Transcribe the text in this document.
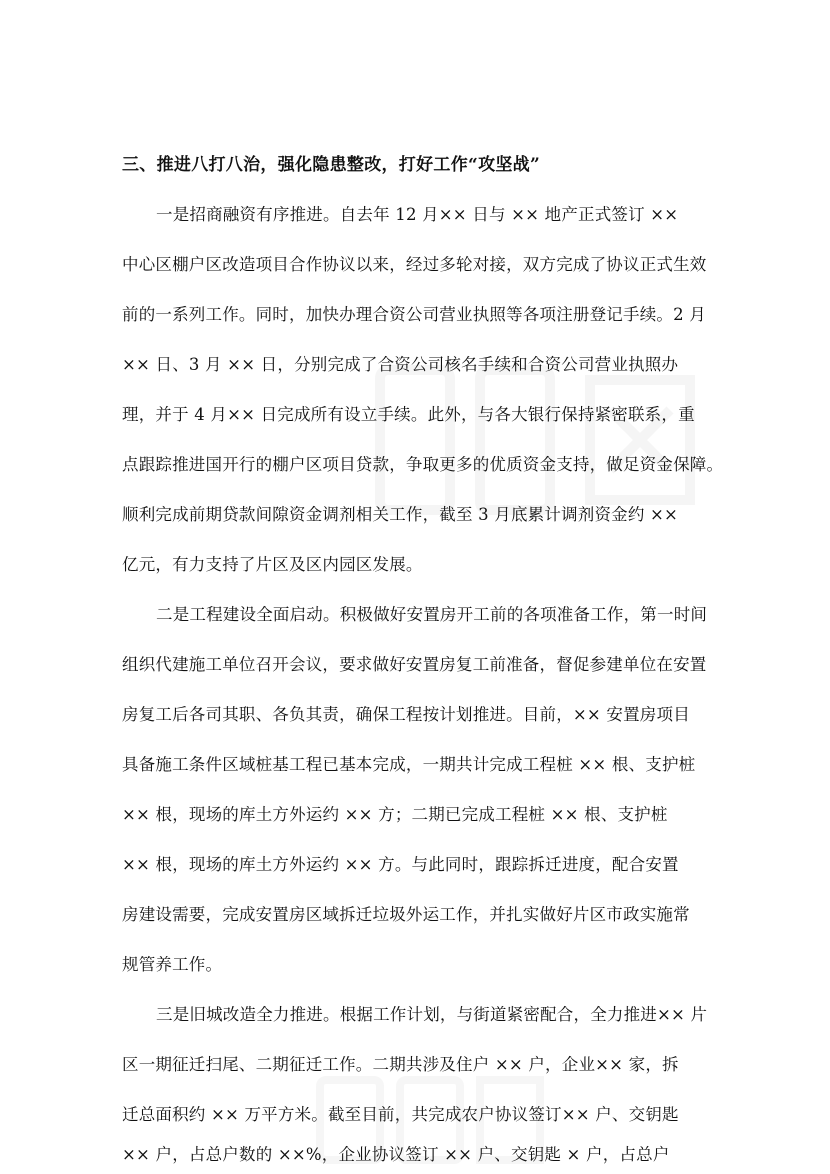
三、推进八打八治，强化隐患整改，打好工作“攻坚战”
一是招商融资有序推进。自去年 12 月×× 日与 ×× 地产正式签订 ××
中心区棚户区改造项目合作协议以来，经过多轮对接，双方完成了协议正式生效
前的一系列工作。同时，加快办理合资公司营业执照等各项注册登记手续。2 月
×× 日、3 月 ×× 日，分别完成了合资公司核名手续和合资公司营业执照办
理，并于 4 月×× 日完成所有设立手续。此外，与各大银行保持紧密联系，重
点跟踪推进国开行的棚户区项目贷款，争取更多的优质资金支持，做足资金保障。
顺利完成前期贷款间隙资金调剂相关工作，截至 3 月底累计调剂资金约 ××
亿元，有力支持了片区及区内园区发展。
二是工程建设全面启动。积极做好安置房开工前的各项准备工作，第一时间
组织代建施工单位召开会议，要求做好安置房复工前准备，督促参建单位在安置
房复工后各司其职、各负其责，确保工程按计划推进。目前，×× 安置房项目
具备施工条件区域桩基工程已基本完成，一期共计完成工程桩 ×× 根、支护桩
×× 根，现场的库土方外运约 ×× 方；二期已完成工程桩 ×× 根、支护桩
×× 根，现场的库土方外运约 ×× 方。与此同时，跟踪拆迁进度，配合安置
房建设需要，完成安置房区域拆迁垃圾外运工作，并扎实做好片区市政实施常
规管养工作。
三是旧城改造全力推进。根据工作计划，与街道紧密配合，全力推进×× 片
区一期征迁扫尾、二期征迁工作。二期共涉及住户 ×× 户，企业×× 家，拆
迁总面积约 ×× 万平方米。截至目前，共完成农户协议签订×× 户、交钥匙
×× 户，占总户数的 ××%，企业协议签订 ×× 户、交钥匙 × 户，占总户
